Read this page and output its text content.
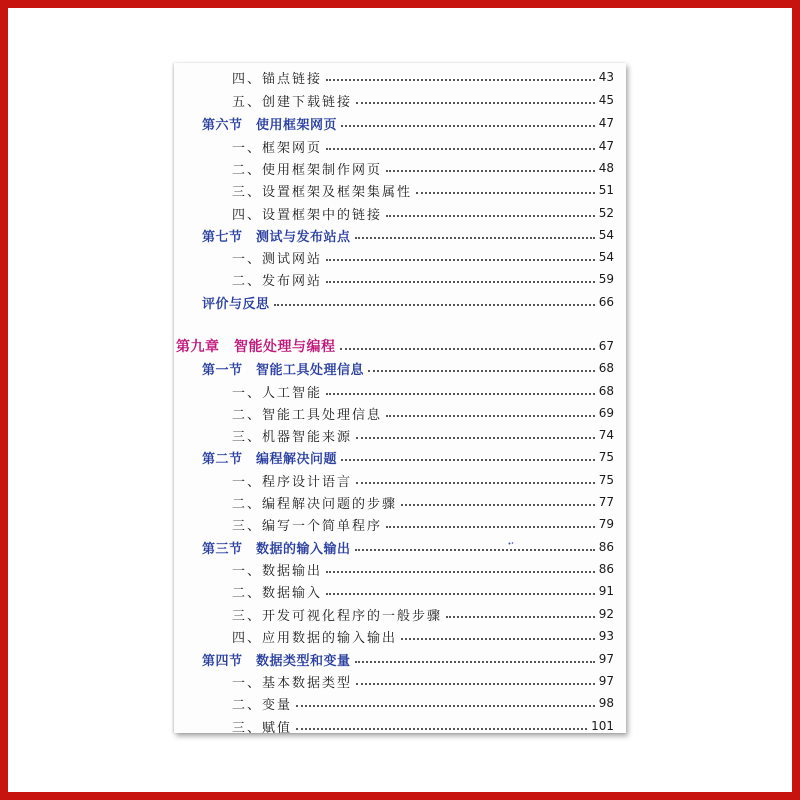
四、锚点链接	43
五、创建下载链接	45
第六节　使用框架网页	47
一、框架网页	47
二、使用框架制作网页	48
三、设置框架及框架集属性	51
四、设置框架中的链接	52
第七节　测试与发布站点	54
一、测试网站	54
二、发布网站	59
评价与反思	66
第九章　智能处理与编程	67
第一节　智能工具处理信息	68
一、人工智能	68
二、智能工具处理信息	69
三、机器智能来源	74
第二节　编程解决问题	75
一、程序设计语言	75
二、编程解决问题的步骤	77
三、编写一个简单程序	79
第三节　数据的输入输出	86
一、数据输出	86
二、数据输入	91
三、开发可视化程序的一般步骤	92
四、应用数据的输入输出	93
第四节　数据类型和变量	97
一、基本数据类型	97
二、变量	98
三、赋值	101
